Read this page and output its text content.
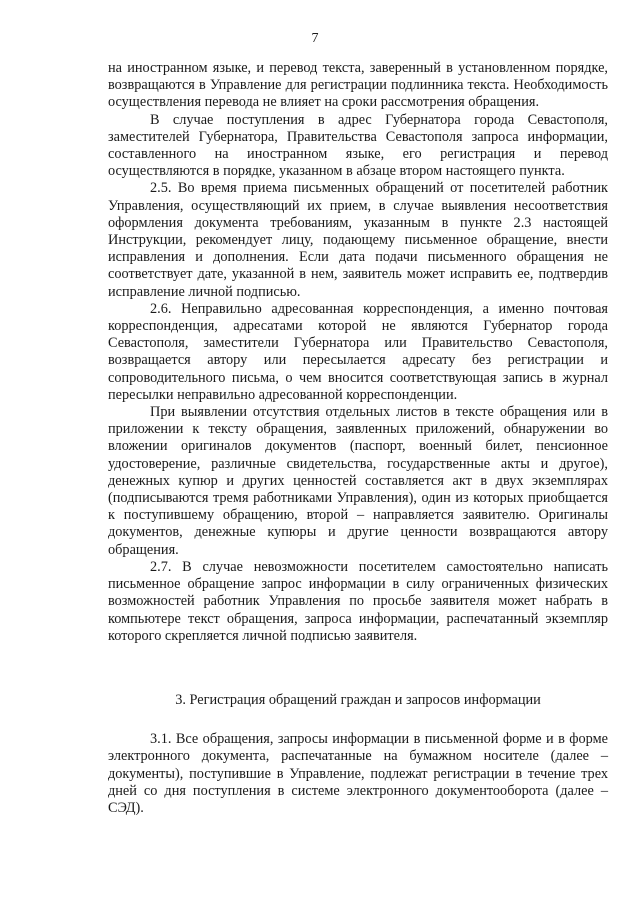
7

на иностранном языке, и перевод текста, заверенный в установленном порядке, возвращаются в Управление для регистрации подлинника текста. Необходимость осуществления перевода не влияет на сроки рассмотрения обращения.

В случае поступления в адрес Губернатора города Севастополя, заместителей Губернатора, Правительства Севастополя запроса информации, составленного на иностранном языке, его регистрация и перевод осуществляются в порядке, указанном в абзаце втором настоящего пункта.

2.5. Во время приема письменных обращений от посетителей работник Управления, осуществляющий их прием, в случае выявления несоответствия оформления документа требованиям, указанным в пункте 2.3 настоящей Инструкции, рекомендует лицу, подающему письменное обращение, внести исправления и дополнения. Если дата подачи письменного обращения не соответствует дате, указанной в нем, заявитель может исправить ее, подтвердив исправление личной подписью.

2.6. Неправильно адресованная корреспонденция, а именно почтовая корреспонденция, адресатами которой не являются Губернатор города Севастополя, заместители Губернатора или Правительство Севастополя, возвращается автору или пересылается адресату без регистрации и сопроводительного письма, о чем вносится соответствующая запись в журнал пересылки неправильно адресованной корреспонденции.

При выявлении отсутствия отдельных листов в тексте обращения или в приложении к тексту обращения, заявленных приложений, обнаружении во вложении оригиналов документов (паспорт, военный билет, пенсионное удостоверение, различные свидетельства, государственные акты и другое), денежных купюр и других ценностей составляется акт в двух экземплярах (подписываются тремя работниками Управления), один из которых приобщается к поступившему обращению, второй – направляется заявителю. Оригиналы документов, денежные купюры и другие ценности возвращаются автору обращения.

2.7. В случае невозможности посетителем самостоятельно написать письменное обращение запрос информации в силу ограниченных физических возможностей работник Управления по просьбе заявителя может набрать в компьютере текст обращения, запроса информации, распечатанный экземпляр которого скрепляется личной подписью заявителя.

3. Регистрация обращений граждан и запросов информации

3.1. Все обращения, запросы информации в письменной форме и в форме электронного документа, распечатанные на бумажном носителе (далее – документы), поступившие в Управление, подлежат регистрации в течение трех дней со дня поступления в системе электронного документооборота (далее – СЭД).
